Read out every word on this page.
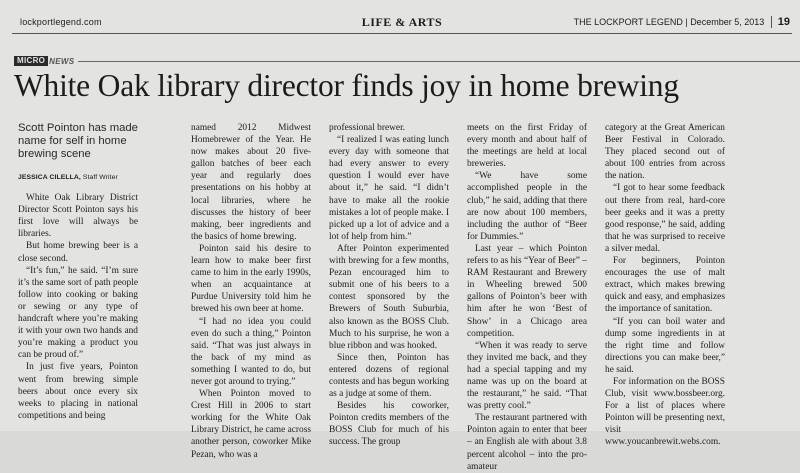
lockportlegend.com	LIFE & ARTS	THE LOCKPORT LEGEND | December 5, 2013 19
MICRO NEWS
White Oak library director finds joy in home brewing
Scott Pointon has made name for self in home brewing scene
JESSICA CILELLA, Staff Writer

White Oak Library District Director Scott Pointon says his first love will always be libraries.

But home brewing beer is a close second.

“It’s fun,” he said. “I’m sure it’s the same sort of path people follow into cooking or baking or sewing or any type of handcraft where you’re making it with your own two hands and you’re making a product you can be proud of.”

In just five years, Pointon went from brewing simple beers about once every six weeks to placing in national competitions and being

named 2012 Midwest Homebrewer of the Year. He now makes about 20 five-gallon batches of beer each year and regularly does presentations on his hobby at local libraries, where he discusses the history of beer making, beer ingredients and the basics of home brewing.

Pointon said his desire to learn how to make beer first came to him in the early 1990s, when an acquaintance at Purdue University told him he brewed his own beer at home.

“I had no idea you could even do such a thing,” Pointon said. “That was just always in the back of my mind as something I wanted to do, but never got around to trying.”

When Pointon moved to Crest Hill in 2006 to start working for the White Oak Library District, he came across another person, coworker Mike Pezan, who was a

professional brewer.

“I realized I was eating lunch every day with someone that had every answer to every question I would ever have about it,” he said. “I didn’t have to make all the rookie mistakes a lot of people make. I picked up a lot of advice and a lot of help from him.”

After Pointon experimented with brewing for a few months, Pezan encouraged him to submit one of his beers to a contest sponsored by the Brewers of South Suburbia, also known as the BOSS Club. Much to his surprise, he won a blue ribbon and was hooked.

Since then, Pointon has entered dozens of regional contests and has begun working as a judge at some of them.

Besides his coworker, Pointon credits members of the BOSS Club for much of his success. The group

meets on the first Friday of every month and about half of the meetings are held at local breweries.

“We have some accomplished people in the club,” he said, adding that there are now about 100 members, including the author of “Beer for Dummies.”

Last year – which Pointon refers to as his “Year of Beer” – RAM Restaurant and Brewery in Wheeling brewed 500 gallons of Pointon’s beer with him after he won ‘Best of Show’ in a Chicago area competition.

“When it was ready to serve they invited me back, and they had a special tapping and my name was up on the board at the restaurant,” he said. “That was pretty cool.”

The restaurant partnered with Pointon again to enter that beer – an English ale with about 3.8 percent alcohol – into the pro-amateur

category at the Great American Beer Festival in Colorado. They placed second out of about 100 entries from across the nation.

“I got to hear some feedback out there from real, hard-core beer geeks and it was a pretty good response,” he said, adding that he was surprised to receive a silver medal.

For beginners, Pointon encourages the use of malt extract, which makes brewing quick and easy, and emphasizes the importance of sanitation.

“If you can boil water and dump some ingredients in at the right time and follow directions you can make beer,” he said.

For information on the BOSS Club, visit www.bossbeer.org. For a list of places where Pointon will be presenting next, visit www.youcanbrewit.webs.com.
